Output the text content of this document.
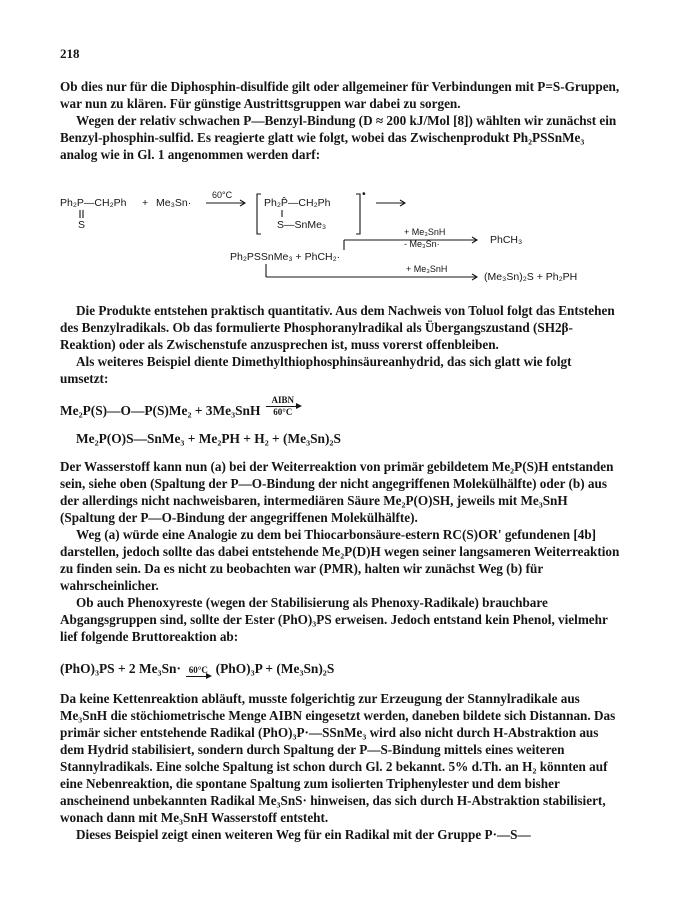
218

Ob dies nur für die Diphosphin-disulfide gilt oder allgemeiner für Verbindungen mit P=S-Gruppen, war nun zu klären. Für günstige Austrittsgruppen war dabei zu sorgen.

Wegen der relativ schwachen P—Benzyl-Bindung (D ≈ 200 kJ/Mol [8]) wählten wir zunächst ein Benzyl-phosphin-sulfid. Es reagierte glatt wie folgt, wobei das Zwischenprodukt Ph₂PSSnMe₃ analog wie in Gl. 1 angenommen werden darf:

Ph₂P—CH₂Ph
S
+ Me₃Sn·
60°C
Ph₂P̂—CH₂Ph
S—SnMe₃
•
+ Me₃SnH
- Me₃Sn·	PhCH₃
Ph₂PSSnMe₃ + PhCH₂·
+ Me₃SnH
(Me₃Sn)₂S + Ph₂PH

Die Produkte entstehen praktisch quantitativ. Aus dem Nachweis von Toluol folgt das Entstehen des Benzylradikals. Ob das formulierte Phosphoranylradikal als Übergangszustand (SH2β-Reaktion) oder als Zwischenstufe anzusprechen ist, muss vorerst offenbleiben.

Als weiteres Beispiel diente Dimethylthiophosphinsäureanhydrid, das sich glatt wie folgt umsetzt:

Me₂P(S)—O—P(S)Me₂ + 3Me₃SnH
AIBN
60°C
Me₂P(O)S—SnMe₃ + Me₂PH + H₂ + (Me₃Sn)₂S

Der Wasserstoff kann nun (a) bei der Weiterreaktion von primär gebildetem Me₂P(S)H entstanden sein, siehe oben (Spaltung der P—O-Bindung der nicht angegriffenen Molekülhälfte) oder (b) aus der allerdings nicht nachweisbaren, intermediären Säure Me₂P(O)SH, jeweils mit Me₃SnH (Spaltung der P—O-Bindung der angegriffenen Molekülhälfte).

Weg (a) würde eine Analogie zu dem bei Thiocarbonsäure-estern RC(S)OR' gefundenen [4b] darstellen, jedoch sollte das dabei entstehende Me₂P(D)H wegen seiner langsameren Weiterreaktion zu finden sein. Da es nicht zu beobachten war (PMR), halten wir zunächst Weg (b) für wahrscheinlicher.

Ob auch Phenoxyreste (wegen der Stabilisierung als Phenoxy-Radikale) brauchbare Abgangsgruppen sind, sollte der Ester (PhO)₃PS erweisen. Jedoch entstand kein Phenol, vielmehr lief folgende Bruttoreaktion ab:

(PhO)₃PS + 2 Me₃Sn· 60°C (PhO)₃P + (Me₃Sn)₂S

Da keine Kettenreaktion abläuft, musste folgerichtig zur Erzeugung der Stannylradikale aus Me₃SnH die stöchiometrische Menge AIBN eingesetzt werden, daneben bildete sich Distannan. Das primär sicher entstehende Radikal (PhO)₃P·—SSnMe₃ wird also nicht durch H-Abstraktion aus dem Hydrid stabilisiert, sondern durch Spaltung der P—S-Bindung mittels eines weiteren Stannylradikals. Eine solche Spaltung ist schon durch Gl. 2 bekannt. 5% d.Th. an H₂ könnten auf eine Nebenreaktion, die spontane Spaltung zum isolierten Triphenylester und dem bisher anscheinend unbekannten Radikal Me₃SnS· hinweisen, das sich durch H-Abstraktion stabilisiert, wonach dann mit Me₃SnH Wasserstoff entsteht.

Dieses Beispiel zeigt einen weiteren Weg für ein Radikal mit der Gruppe P·—S—
